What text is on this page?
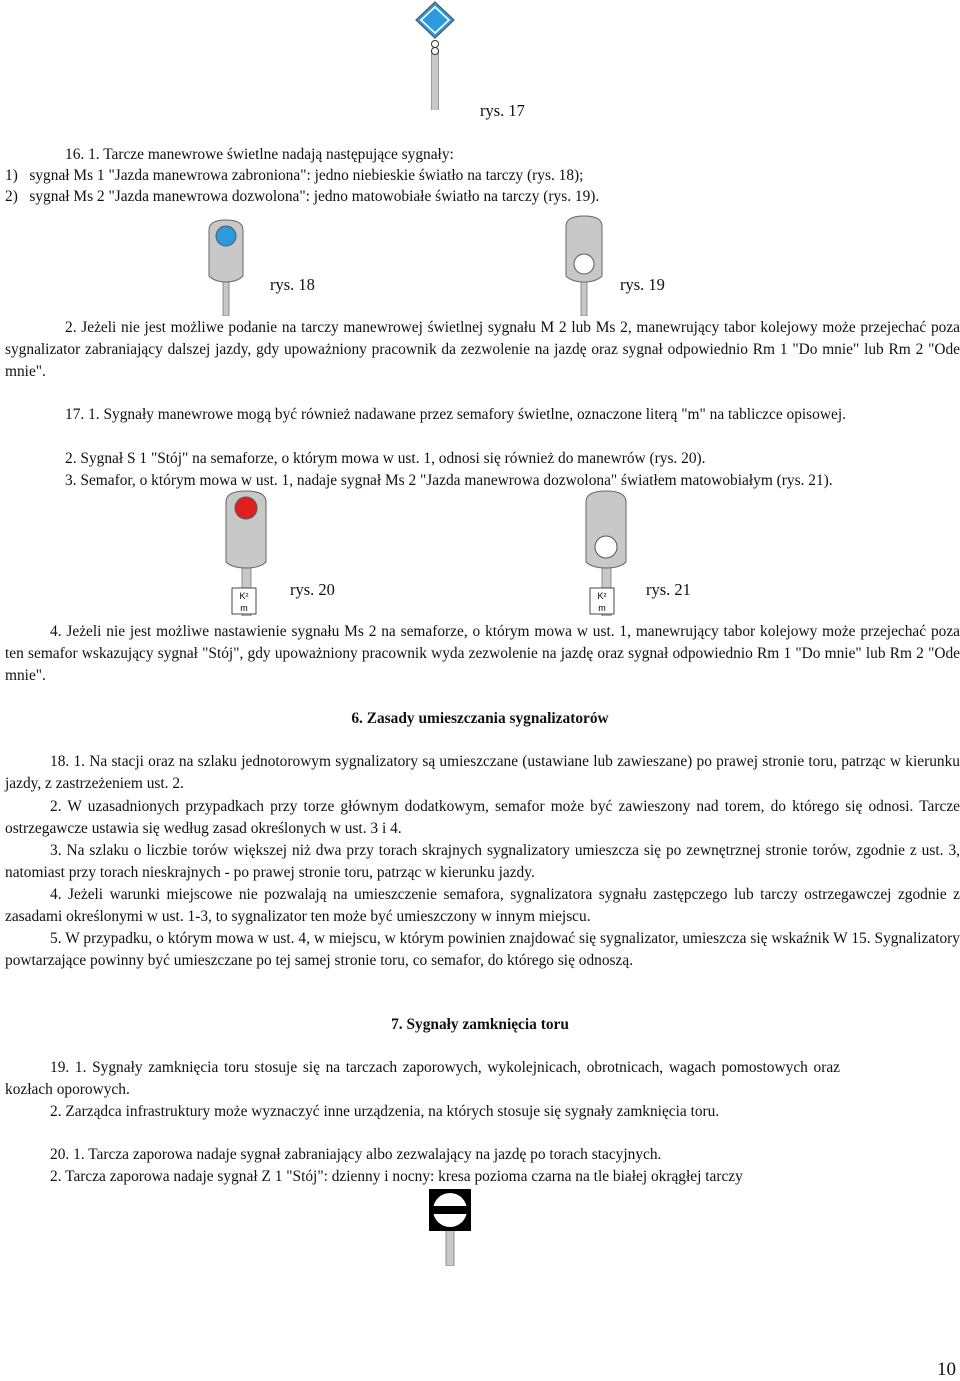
rys. 17
16. 1. Tarcze manewrowe świetlne nadają następujące sygnały:
1)   sygnał Ms 1 "Jazda manewrowa zabroniona": jedno niebieskie światło na tarczy (rys. 18);
2)   sygnał Ms 2 "Jazda manewrowa dozwolona": jedno matowobiałe światło na tarczy (rys. 19).
rys. 18	rys. 19
2. Jeżeli nie jest możliwe podanie na tarczy manewrowej świetlnej sygnału M 2 lub Ms 2, manewrujący tabor kolejowy może przejechać poza sygnalizator zabraniający dalszej jazdy, gdy upoważniony pracownik da zezwolenie na jazdę oraz sygnał odpowiednio Rm 1 "Do mnie" lub Rm 2 "Ode mnie".
17. 1. Sygnały manewrowe mogą być również nadawane przez semafory świetlne, oznaczone literą "m" na tabliczce opisowej.
2. Sygnał S 1 "Stój" na semaforze, o którym mowa w ust. 1, odnosi się również do manewrów (rys. 20).
3. Semafor, o którym mowa w ust. 1, nadaje sygnał Ms 2 "Jazda manewrowa dozwolona" światłem matowobiałym (rys. 21).
K²
m
rys. 20	K²
m
rys. 21
4. Jeżeli nie jest możliwe nastawienie sygnału Ms 2 na semaforze, o którym mowa w ust. 1, manewrujący tabor kolejowy może przejechać poza ten semafor wskazujący sygnał "Stój", gdy upoważniony pracownik wyda zezwolenie na jazdę oraz sygnał odpowiednio Rm 1 "Do mnie" lub Rm 2 "Ode mnie".
6. Zasady umieszczania sygnalizatorów
18. 1. Na stacji oraz na szlaku jednotorowym sygnalizatory są umieszczane (ustawiane lub zawieszane) po prawej stronie toru, patrząc w kierunku jazdy, z zastrzeżeniem ust. 2.
2. W uzasadnionych przypadkach przy torze głównym dodatkowym, semafor może być zawieszony nad torem, do którego się odnosi. Tarcze ostrzegawcze ustawia się według zasad określonych w ust. 3 i 4.
3. Na szlaku o liczbie torów większej niż dwa przy torach skrajnych sygnalizatory umieszcza się po zewnętrznej stronie torów, zgodnie z ust. 3, natomiast przy torach nieskrajnych - po prawej stronie toru, patrząc w kierunku jazdy.
4. Jeżeli warunki miejscowe nie pozwalają na umieszczenie semafora, sygnalizatora sygnału zastępczego lub tarczy ostrzegawczej zgodnie z zasadami określonymi w ust. 1-3, to sygnalizator ten może być umieszczony w innym miejscu.
5. W przypadku, o którym mowa w ust. 4, w miejscu, w którym powinien znajdować się sygnalizator, umieszcza się wskaźnik W 15. Sygnalizatory powtarzające powinny być umieszczane po tej samej stronie toru, co semafor, do którego się odnoszą.
7. Sygnały zamknięcia toru
19. 1. Sygnały zamknięcia toru stosuje się na tarczach zaporowych, wykolejnicach, obrotnicach, wagach pomostowych oraz kozłach oporowych.
2. Zarządca infrastruktury może wyznaczyć inne urządzenia, na których stosuje się sygnały zamknięcia toru.
20. 1. Tarcza zaporowa nadaje sygnał zabraniający albo zezwalający na jazdę po torach stacyjnych.
2. Tarcza zaporowa nadaje sygnał Z 1 "Stój": dzienny i nocny: kresa pozioma czarna na tle białej okrągłej tarczy
10
